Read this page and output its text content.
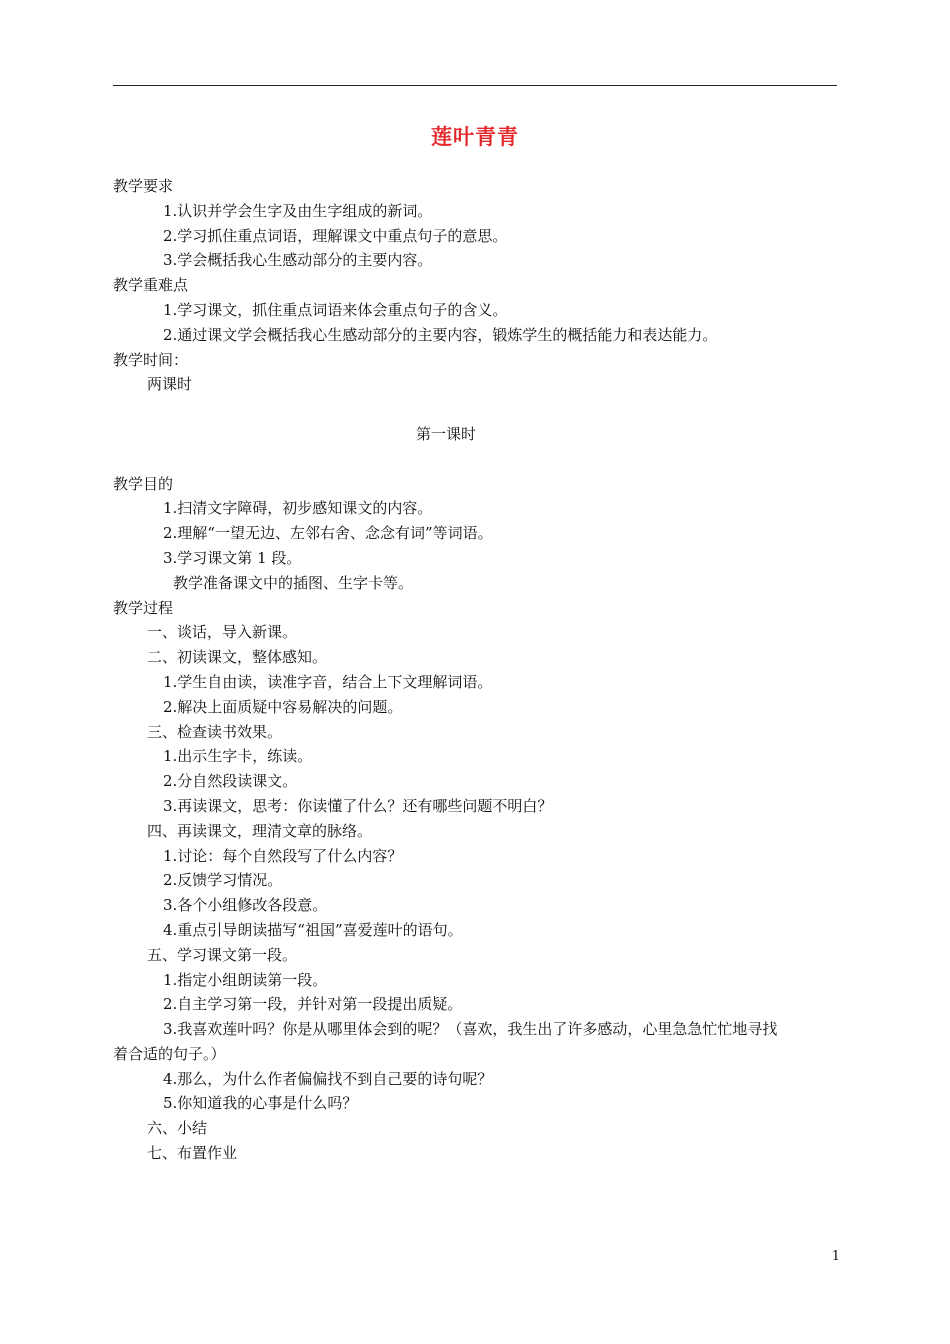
莲叶青青
教学要求
1.认识并学会生字及由生字组成的新词。
2.学习抓住重点词语，理解课文中重点句子的意思。
3.学会概括我心生感动部分的主要内容。
教学重难点
1.学习课文，抓住重点词语来体会重点句子的含义。
2.通过课文学会概括我心生感动部分的主要内容，锻炼学生的概括能力和表达能力。
教学时间：
两课时
第一课时
教学目的
1.扫清文字障碍，初步感知课文的内容。
2.理解“一望无边、左邻右舍、念念有词”等词语。
3.学习课文第 1 段。
教学准备课文中的插图、生字卡等。
教学过程
一、谈话，导入新课。
二、初读课文，整体感知。
1.学生自由读，读准字音，结合上下文理解词语。
2.解决上面质疑中容易解决的问题。
三、检查读书效果。
1.出示生字卡，练读。
2.分自然段读课文。
3.再读课文，思考：你读懂了什么？还有哪些问题不明白？
四、再读课文，理清文章的脉络。
1.讨论：每个自然段写了什么内容？
2.反馈学习情况。
3.各个小组修改各段意。
4.重点引导朗读描写“祖国”喜爱莲叶的语句。
五、学习课文第一段。
1.指定小组朗读第一段。
2.自主学习第一段，并针对第一段提出质疑。
3.我喜欢莲叶吗？你是从哪里体会到的呢？（喜欢，我生出了许多感动，心里急急忙忙地寻找
着合适的句子。）
4.那么，为什么作者偏偏找不到自己要的诗句呢？
5.你知道我的心事是什么吗？
六、小结
七、布置作业
1
